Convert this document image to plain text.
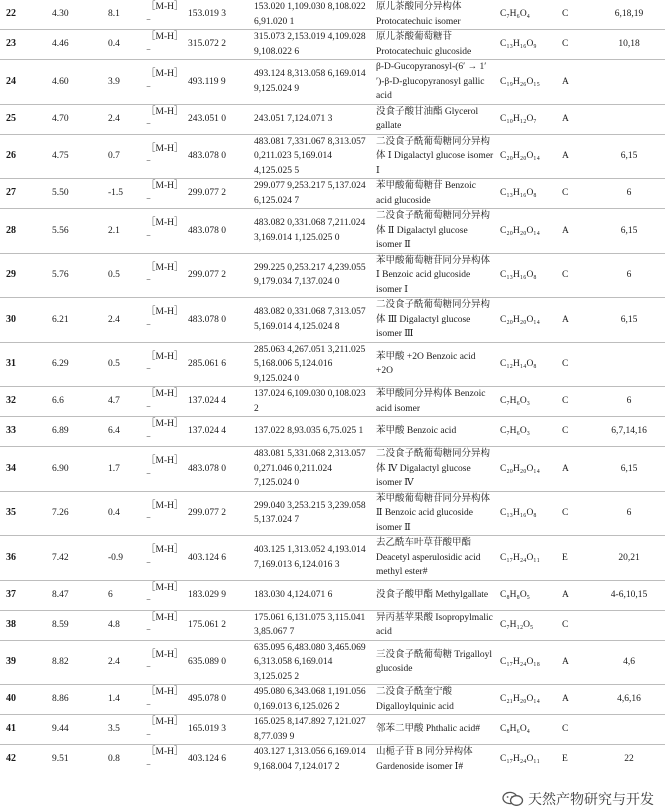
22	4.30	8.1	［M-H］⁻	153.019 3	153.020 1,109.030 8,108.022 6,91.020 1	原儿茶酸同分异构体 Protocatechuic isomer	C₇H₆O₄	C	6,18,19
23	4.46	0.4	［M-H］⁻	315.072 2	315.073 2,153.019 4,109.028 9,108.022 6	原儿茶酸葡萄糖苷 Protocatechuic glucoside	C₁₃H₁₆O₉	C	10,18
24	4.60	3.9	［M-H］⁻	493.119 9	493.124 8,313.058 6,169.014 9,125.024 9	β-D-Gucopyranosyl-(6′ → 1′′)-β-D-glucopyranosyl gallic acid	C₁₉H₂₆O₁₅	A	
25	4.70	2.4	［M-H］⁻	243.051 0	243.051 7,124.071 3	没食子酸甘油酯 Glycerol gallate	C₁₀H₁₂O₇	A	
26	4.75	0.7	［M-H］⁻	483.078 0	483.081 7,331.067 8,313.057 0,211.023 5,169.014 4,125.025 5	二没食子酰葡萄糖同分异构体 Ⅰ Digalactyl glucose isomer Ⅰ	C₂₀H₂₀O₁₄	A	6,15
27	5.50	-1.5	［M-H］⁻	299.077 2	299.077 9,253.217 5,137.024 6,125.024 7	苯甲酸葡萄糖苷 Benzoic acid glucoside	C₁₃H₁₆O₈	C	6
28	5.56	2.1	［M-H］⁻	483.078 0	483.082 0,331.068 7,211.024 3,169.014 1,125.025 0	二没食子酰葡萄糖同分异构体 Ⅱ Digalactyl glucose isomer Ⅱ	C₂₀H₂₀O₁₄	A	6,15
29	5.76	0.5	［M-H］⁻	299.077 2	299.225 0,253.217 4,239.055 9,179.034 7,137.024 0	苯甲酸葡萄糖苷同分异构体 Ⅰ Benzoic acid glucoside isomer Ⅰ	C₁₃H₁₆O₈	C	6
30	6.21	2.4	［M-H］⁻	483.078 0	483.082 0,331.068 7,313.057 5,169.014 4,125.024 8	二没食子酰葡萄糖同分异构体 Ⅲ Digalactyl glucose isomer Ⅲ	C₂₀H₂₀O₁₄	A	6,15
31	6.29	0.5	［M-H］⁻	285.061 6	285.063 4,267.051 3,211.025 5,168.006 5,124.016 9,125.024 0	苯甲酸 +2O Benzoic acid +2O	C₁₂H₁₄O₈	C	
32	6.6	4.7	［M-H］⁻	137.024 4	137.024 6,109.030 0,108.023 2	苯甲酸同分异构体 Benzoic acid isomer	C₇H₆O₃	C	6
33	6.89	6.4	［M-H］⁻	137.024 4	137.022 8,93.035 6,75.025 1	苯甲酸 Benzoic acid	C₇H₆O₃	C	6,7,14,16
34	6.90	1.7	［M-H］⁻	483.078 0	483.081 5,331.068 2,313.057 0,271.046 0,211.024 7,125.024 0	二没食子酰葡萄糖同分异构体 Ⅳ Digalactyl glucose isomer Ⅳ	C₂₀H₂₀O₁₄	A	6,15
35	7.26	0.4	［M-H］⁻	299.077 2	299.040 3,253.215 3,239.058 5,137.024 7	苯甲酸葡萄糖苷同分异构体 Ⅱ Benzoic acid glucoside isomer Ⅱ	C₁₃H₁₆O₈	C	6
36	7.42	-0.9	［M-H］⁻	403.124 6	403.125 1,313.052 4,193.014 7,169.013 6,124.016 3	去乙酰车叶草苷酸甲酯 Deacetyl asperulosidic acid methyl ester#	C₁₇H₂₄O₁₁	E	20,21
37	8.47	6	［M-H］⁻	183.029 9	183.030 4,124.071 6	没食子酸甲酯 Methylgallate	C₈H₈O₅	A	4-6,10,15
38	8.59	4.8	［M-H］⁻	175.061 2	175.061 6,131.075 3,115.041 3,85.067 7	异丙基苹果酸 Isopropylmalic acid	C₇H₁₂O₅	C	
39	8.82	2.4	［M-H］⁻	635.089 0	635.095 6,483.080 3,465.069 6,313.058 6,169.014 3,125.025 2	三没食子酰葡萄糖 Trigalloyl glucoside	C₁₇H₂₄O₁₈	A	4,6
40	8.86	1.4	［M-H］⁻	495.078 0	495.080 6,343.068 1,191.056 0,169.013 6,125.026 2	二没食子酰奎宁酸 Digalloylquinic acid	C₂₁H₂₀O₁₄	A	4,6,16
41	9.44	3.5	［M-H］⁻	165.019 3	165.025 8,147.892 7,121.027 8,77.039 9	邻苯二甲酸 Phthalic acid#	C₈H₆O₄	C	
42	9.51	0.8	［M-H］⁻	403.124 6	403.127 1,313.056 6,169.014 9,168.004 7,124.017 2	山栀子苷 B 同分异构体 Gardenoside isomer Ⅰ#	C₁₇H₂₄O₁₁	E	22
天然产物研究与开发
